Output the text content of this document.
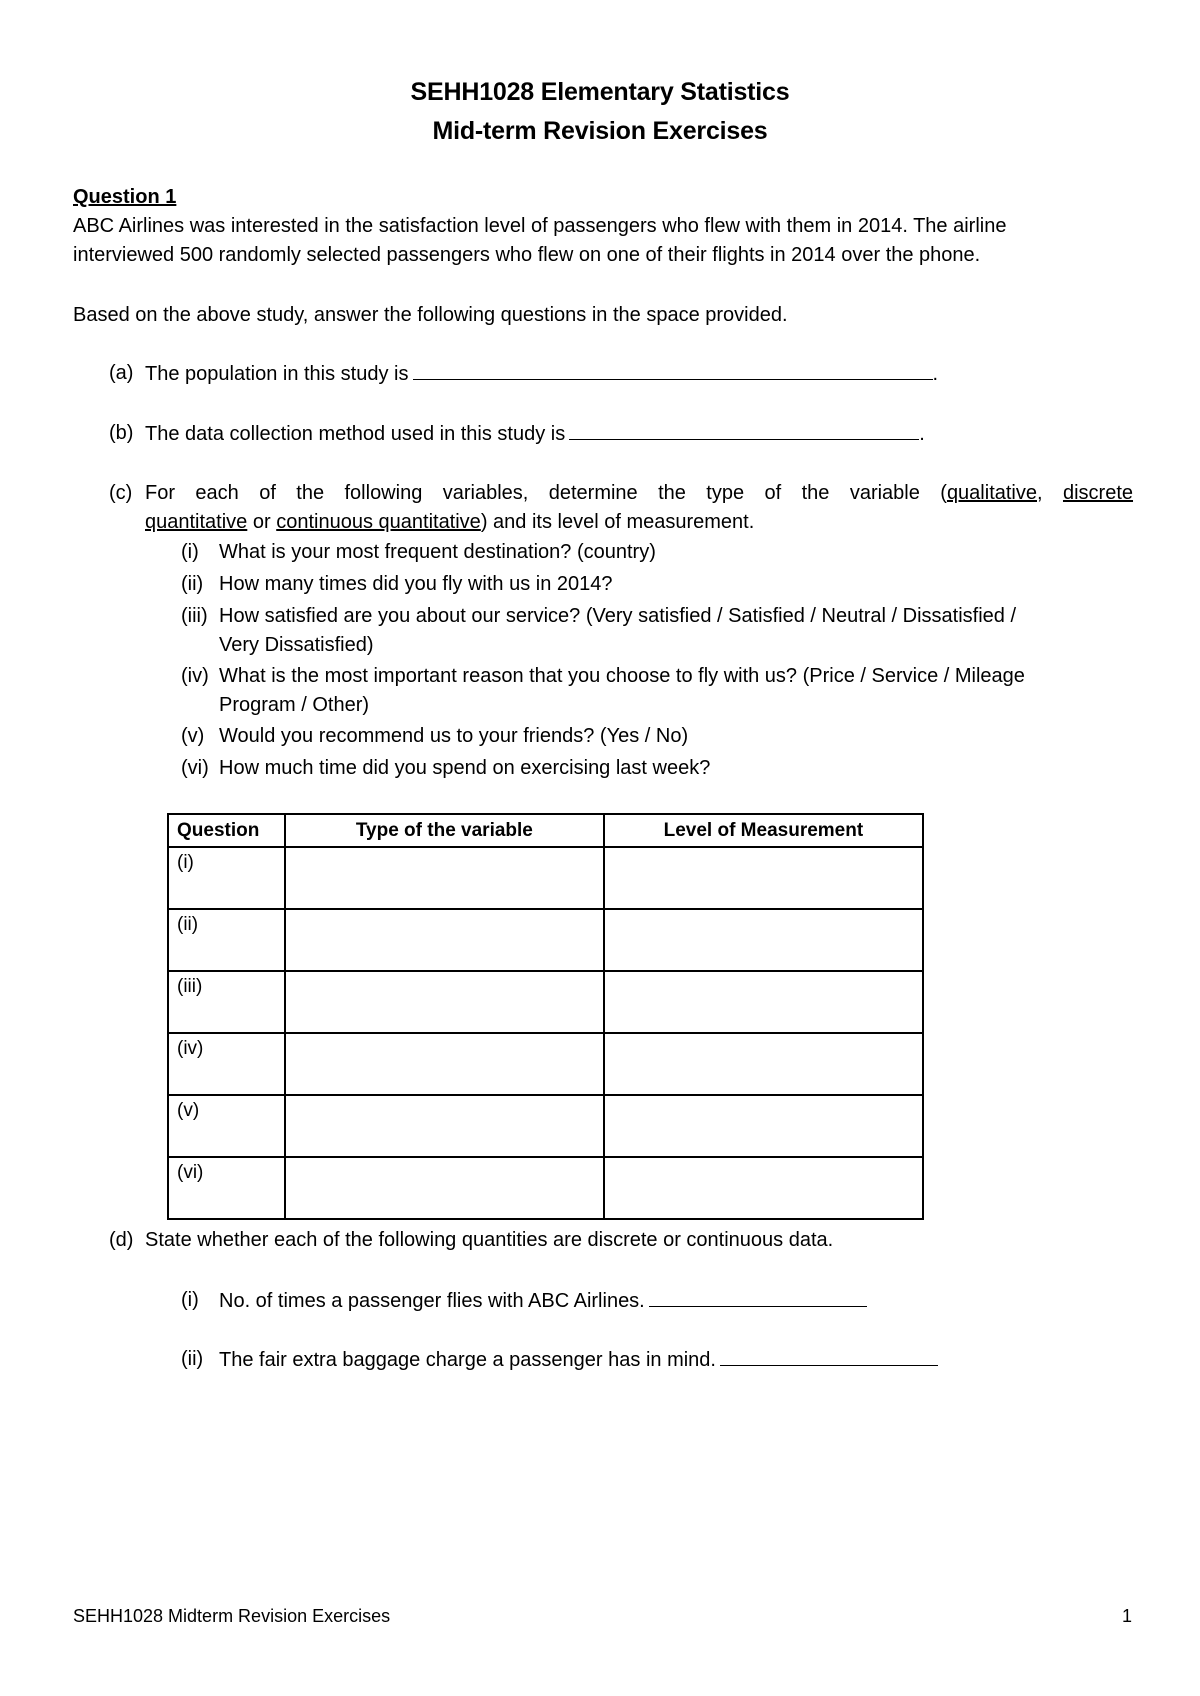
SEHH1028 Elementary Statistics
Mid-term Revision Exercises
Question 1
ABC Airlines was interested in the satisfaction level of passengers who flew with them in 2014. The airline
interviewed 500 randomly selected passengers who flew on one of their flights in 2014 over the phone.
Based on the above study, answer the following questions in the space provided.
(a) The population in this study is	.
(b) The data collection method used in this study is	.
(c) For each of the following variables, determine the type of the variable (qualitative, discrete
quantitative or continuous quantitative) and its level of measurement.
(i) What is your most frequent destination? (country)
(ii) How many times did you fly with us in 2014?
(iii) How satisfied are you about our service? (Very satisfied / Satisfied / Neutral / Dissatisfied /
Very Dissatisfied)
(iv) What is the most important reason that you choose to fly with us? (Price / Service / Mileage
Program / Other)
(v) Would you recommend us to your friends? (Yes / No)
(vi) How much time did you spend on exercising last week?
Question	Type of the variable	Level of Measurement
(i)		
(ii)		
(iii)		
(iv)		
(v)		
(vi)		
(d) State whether each of the following quantities are discrete or continuous data.
(i) No. of times a passenger flies with ABC Airlines.
(ii) The fair extra baggage charge a passenger has in mind.
SEHH1028 Midterm Revision Exercises	1
